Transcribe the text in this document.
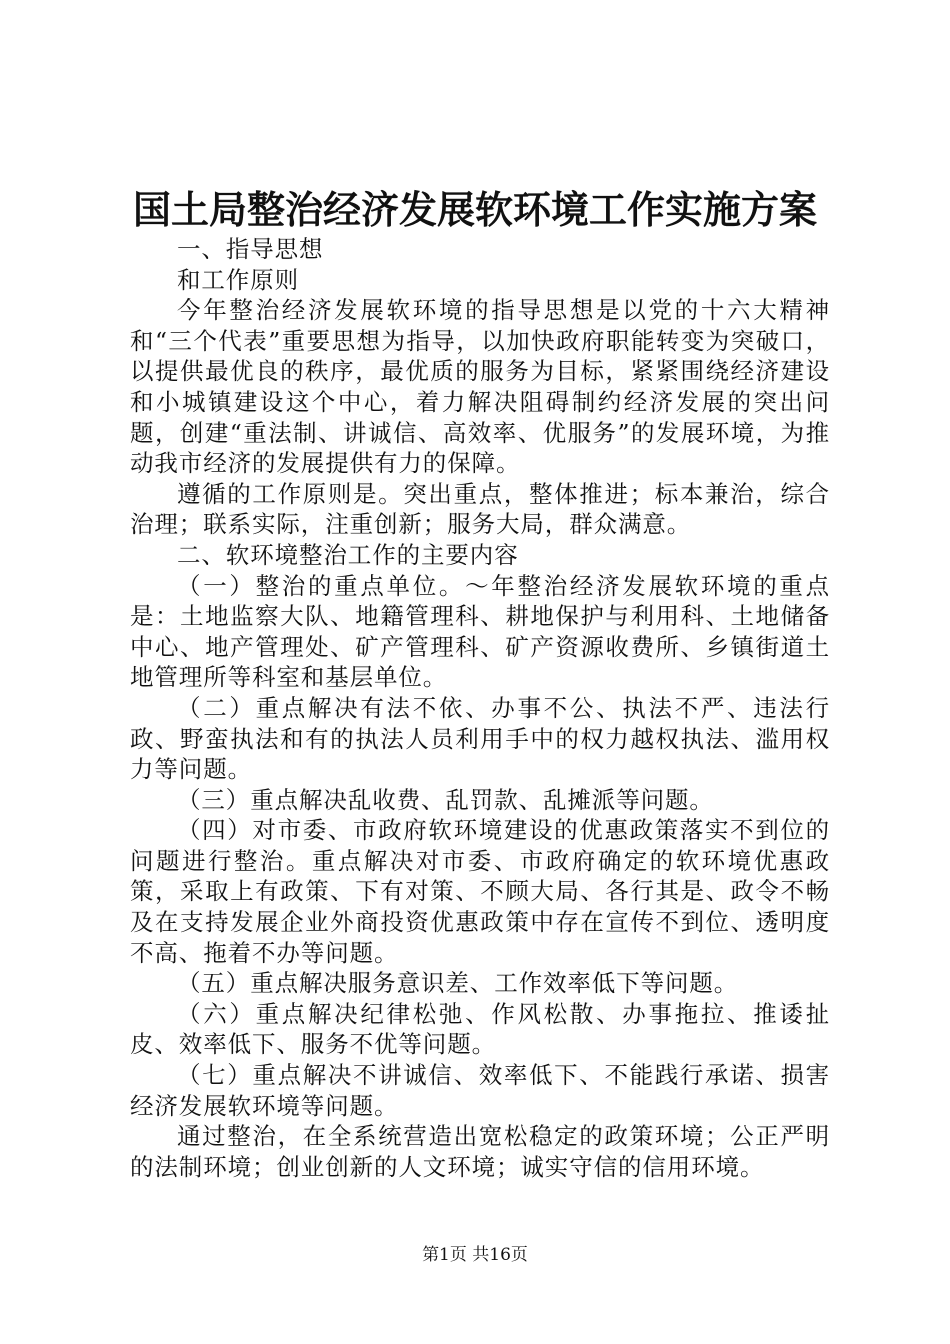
国土局整治经济发展软环境工作实施方案

一、指导思想

和工作原则

今年整治经济发展软环境的指导思想是以党的十六大精神和“三个代表”重要思想为指导，以加快政府职能转变为突破口，以提供最优良的秩序，最优质的服务为目标，紧紧围绕经济建设和小城镇建设这个中心，着力解决阻碍制约经济发展的突出问题，创建“重法制、讲诚信、高效率、优服务”的发展环境，为推动我市经济的发展提供有力的保障。

遵循的工作原则是。突出重点，整体推进；标本兼治，综合治理；联系实际，注重创新；服务大局，群众满意。

二、软环境整治工作的主要内容

（一）整治的重点单位。～年整治经济发展软环境的重点是：土地监察大队、地籍管理科、耕地保护与利用科、土地储备中心、地产管理处、矿产管理科、矿产资源收费所、乡镇街道土地管理所等科室和基层单位。

（二）重点解决有法不依、办事不公、执法不严、违法行政、野蛮执法和有的执法人员利用手中的权力越权执法、滥用权力等问题。

（三）重点解决乱收费、乱罚款、乱摊派等问题。

（四）对市委、市政府软环境建设的优惠政策落实不到位的问题进行整治。重点解决对市委、市政府确定的软环境优惠政策，采取上有政策、下有对策、不顾大局、各行其是、政令不畅及在支持发展企业外商投资优惠政策中存在宣传不到位、透明度不高、拖着不办等问题。

（五）重点解决服务意识差、工作效率低下等问题。

（六）重点解决纪律松弛、作风松散、办事拖拉、推诿扯皮、效率低下、服务不优等问题。

（七）重点解决不讲诚信、效率低下、不能践行承诺、损害经济发展软环境等问题。

通过整治，在全系统营造出宽松稳定的政策环境；公正严明的法制环境；创业创新的人文环境；诚实守信的信用环境。

第1页 共16页
